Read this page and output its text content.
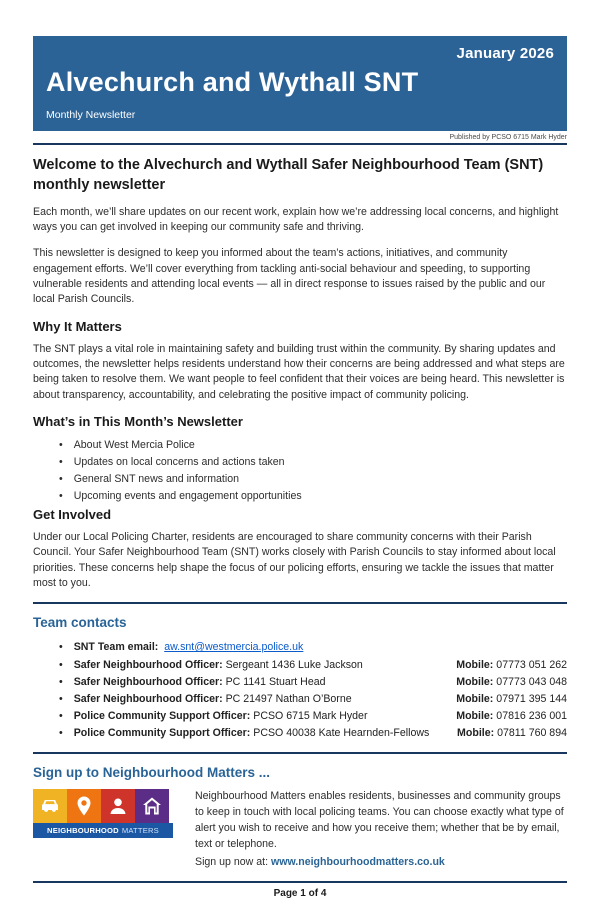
January 2026
Alvechurch and Wythall SNT
Monthly Newsletter
Published by PCSO 6715 Mark Hyder
Welcome to the Alvechurch and Wythall Safer Neighbourhood Team (SNT) monthly newsletter

Each month, we’ll share updates on our recent work, explain how we’re addressing local concerns, and highlight ways you can get involved in keeping our community safe and thriving.

This newsletter is designed to keep you informed about the team’s actions, initiatives, and community engagement efforts. We’ll cover everything from tackling anti-social behaviour and speeding, to supporting vulnerable residents and attending local events — all in direct response to issues raised by the public and our local Parish Councils.

Why It Matters

The SNT plays a vital role in maintaining safety and building trust within the community. By sharing updates and outcomes, the newsletter helps residents understand how their concerns are being addressed and what steps are being taken to resolve them. We want people to feel confident that their voices are being heard. This newsletter is about transparency, accountability, and celebrating the positive impact of community policing.

What’s in This Month’s Newsletter
• About West Mercia Police
• Updates on local concerns and actions taken
• General SNT news and information
• Upcoming events and engagement opportunities
Get Involved

Under our Local Policing Charter, residents are encouraged to share community concerns with their Parish Council. Your Safer Neighbourhood Team (SNT) works closely with Parish Councils to stay informed about local priorities. These concerns help shape the focus of our policing efforts, ensuring we tackle the issues that matter most to you.

Team contacts
• SNT Team email: aw.snt@westmercia.police.uk
• Safer Neighbourhood Officer: Sergeant 1436 Luke Jackson	Mobile: 07773 051 262
• Safer Neighbourhood Officer: PC 1141 Stuart Head	Mobile: 07773 043 048
• Safer Neighbourhood Officer: PC 21497 Nathan O’Borne	Mobile: 07971 395 144
• Police Community Support Officer: PCSO 6715 Mark Hyder	Mobile: 07816 236 001
• Police Community Support Officer: PCSO 40038 Kate Hearnden-Fellows	Mobile: 07811 760 894
Sign up to Neighbourhood Matters ...
NEIGHBOURHOOD MATTERS
Neighbourhood Matters enables residents, businesses and community groups to keep in touch with local policing teams. You can choose exactly what type of alert you wish to receive and how you receive them; whether that be by email, text or telephone.
Sign up now at: www.neighbourhoodmatters.co.uk
Page 1 of 4
